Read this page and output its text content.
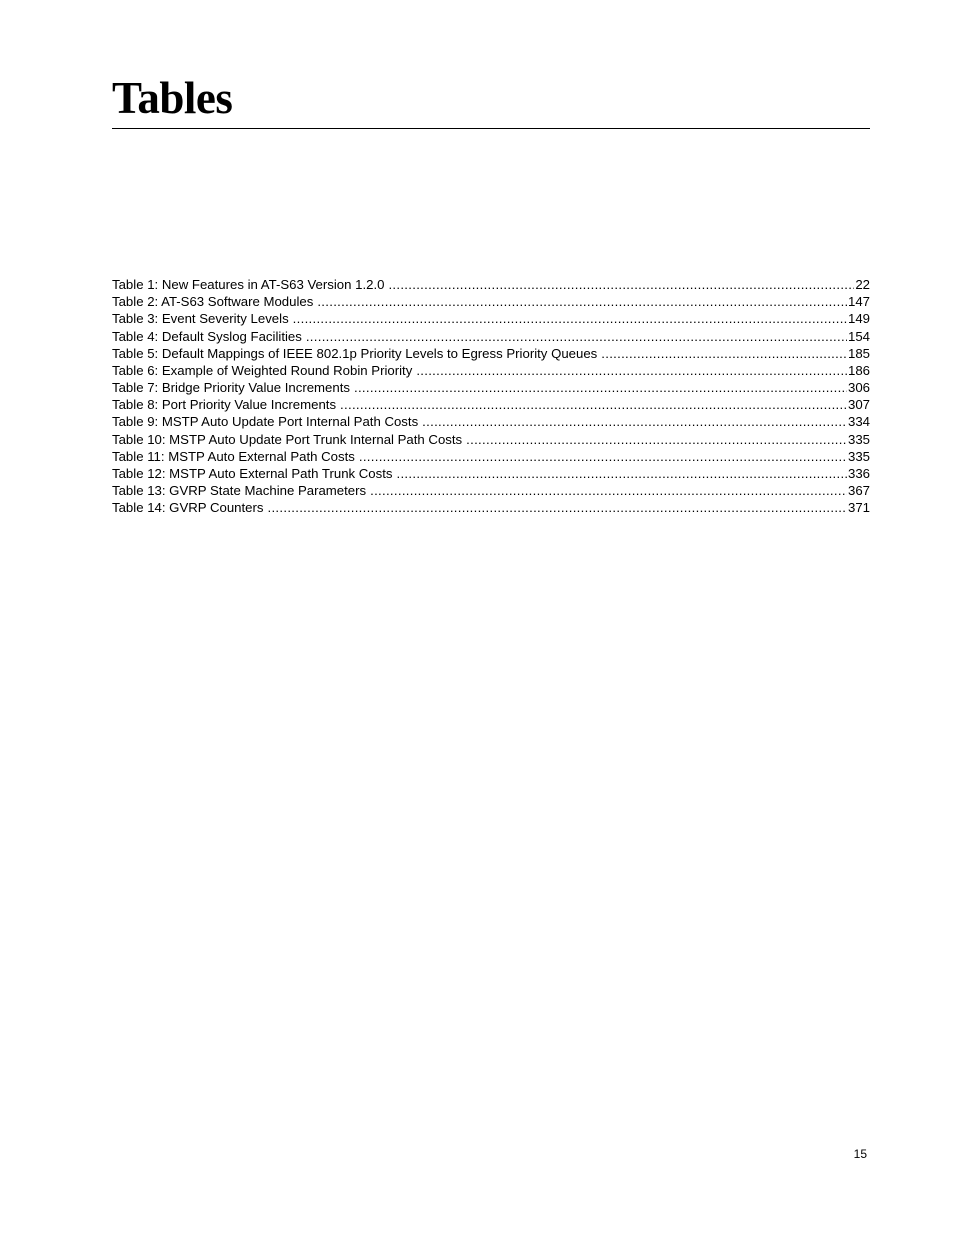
Tables
Table 1: New Features in AT-S63 Version 1.2.0 .....	22
Table 2: AT-S63 Software Modules .....	147
Table 3: Event Severity Levels .....	149
Table 4: Default Syslog Facilities .....	154
Table 5: Default Mappings of IEEE 802.1p Priority Levels to Egress Priority Queues .....	185
Table 6: Example of Weighted Round Robin Priority .....	186
Table 7: Bridge Priority Value Increments .....	306
Table 8: Port Priority Value Increments .....	307
Table 9: MSTP Auto Update Port Internal Path Costs .....	334
Table 10: MSTP Auto Update Port Trunk Internal Path Costs .....	335
Table 11: MSTP Auto External Path Costs .....	335
Table 12: MSTP Auto External Path Trunk Costs .....	336
Table 13: GVRP State Machine Parameters .....	367
Table 14: GVRP Counters .....	371
15
